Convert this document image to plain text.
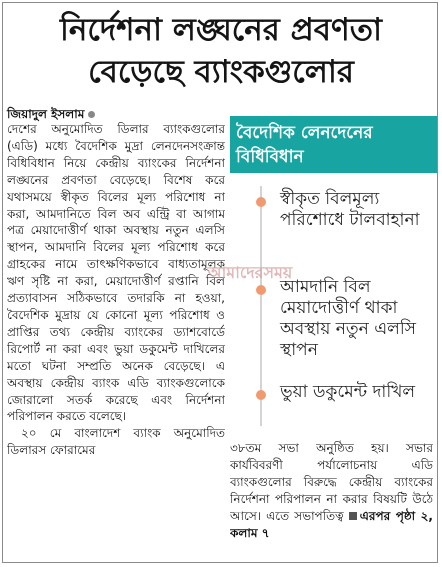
নির্দেশনা লঙ্ঘনের প্রবণতা
বেড়েছে ব্যাংকগুলোর
জিয়াদুল ইসলাম

দেশের অনুমোদিত ডিলার ব্যাংকগুলোর (এডি) মধ্যে বৈদেশিক মুদ্রা লেনদেনসংক্রান্ত বিধিবিধান নিয়ে কেন্দ্রীয় ব্যাংকের নির্দেশনা লঙ্ঘনের প্রবণতা বেড়েছে। বিশেষ করে যথাসময়ে স্বীকৃত বিলের মূল্য পরিশোধ না করা, আমদানিতে বিল অব এন্ট্রি বা আগাম পত্র মেয়াদোত্তীর্ণ থাকা অবস্থায় নতুন এলসি স্থাপন, আমদানি বিলের মূল্য পরিশোধ করে গ্রাহকের নামে তাৎক্ষণিকভাবে বাধ্যতামূলক ঋণ সৃষ্টি না করা, মেয়াদোত্তীর্ণ রপ্তানি বিল প্রত্যাবাসন সঠিকভাবে তদারকি না হওয়া, বৈদেশিক মুদ্রায় যে কোনো মূল্য পরিশোধ ও প্রাপ্তির তথ্য কেন্দ্রীয় ব্যাংকের ড্যাশবোর্ডে রিপোর্ট না করা এবং ভুয়া ডকুমেন্ট দাখিলের মতো ঘটনা সম্প্রতি অনেক বেড়েছে। এ অবস্থায় কেন্দ্রীয় ব্যাংক এডি ব্যাংকগুলোকে জোরালো সতর্ক করেছে এবং নির্দেশনা পরিপালন করতে বলেছে।

২০ মে বাংলাদেশ ব্যাংক অনুমোদিত ডিলারস ফোরামের

বৈদেশিক লেনদেনের বিধিবিধান
স্বীকৃত বিলমূল্য পরিশোধে টালবাহানা
আমদানি বিল মেয়াদোত্তীর্ণ থাকা অবস্থায় নতুন এলসি স্থাপন
ভুয়া ডকুমেন্ট দাখিল
আমাদেরসময়
৩৮তম সভা অনুষ্ঠিত হয়। সভার কার্যবিবরণী পর্যালোচনায় এডি ব্যাংকগুলোর বিরুদ্ধে কেন্দ্রীয় ব্যাংকের নির্দেশনা পরিপালন না করার বিষয়টি উঠে আসে। এতে সভাপতিত্ব এরপর পৃষ্ঠা ২, কলাম ৭
